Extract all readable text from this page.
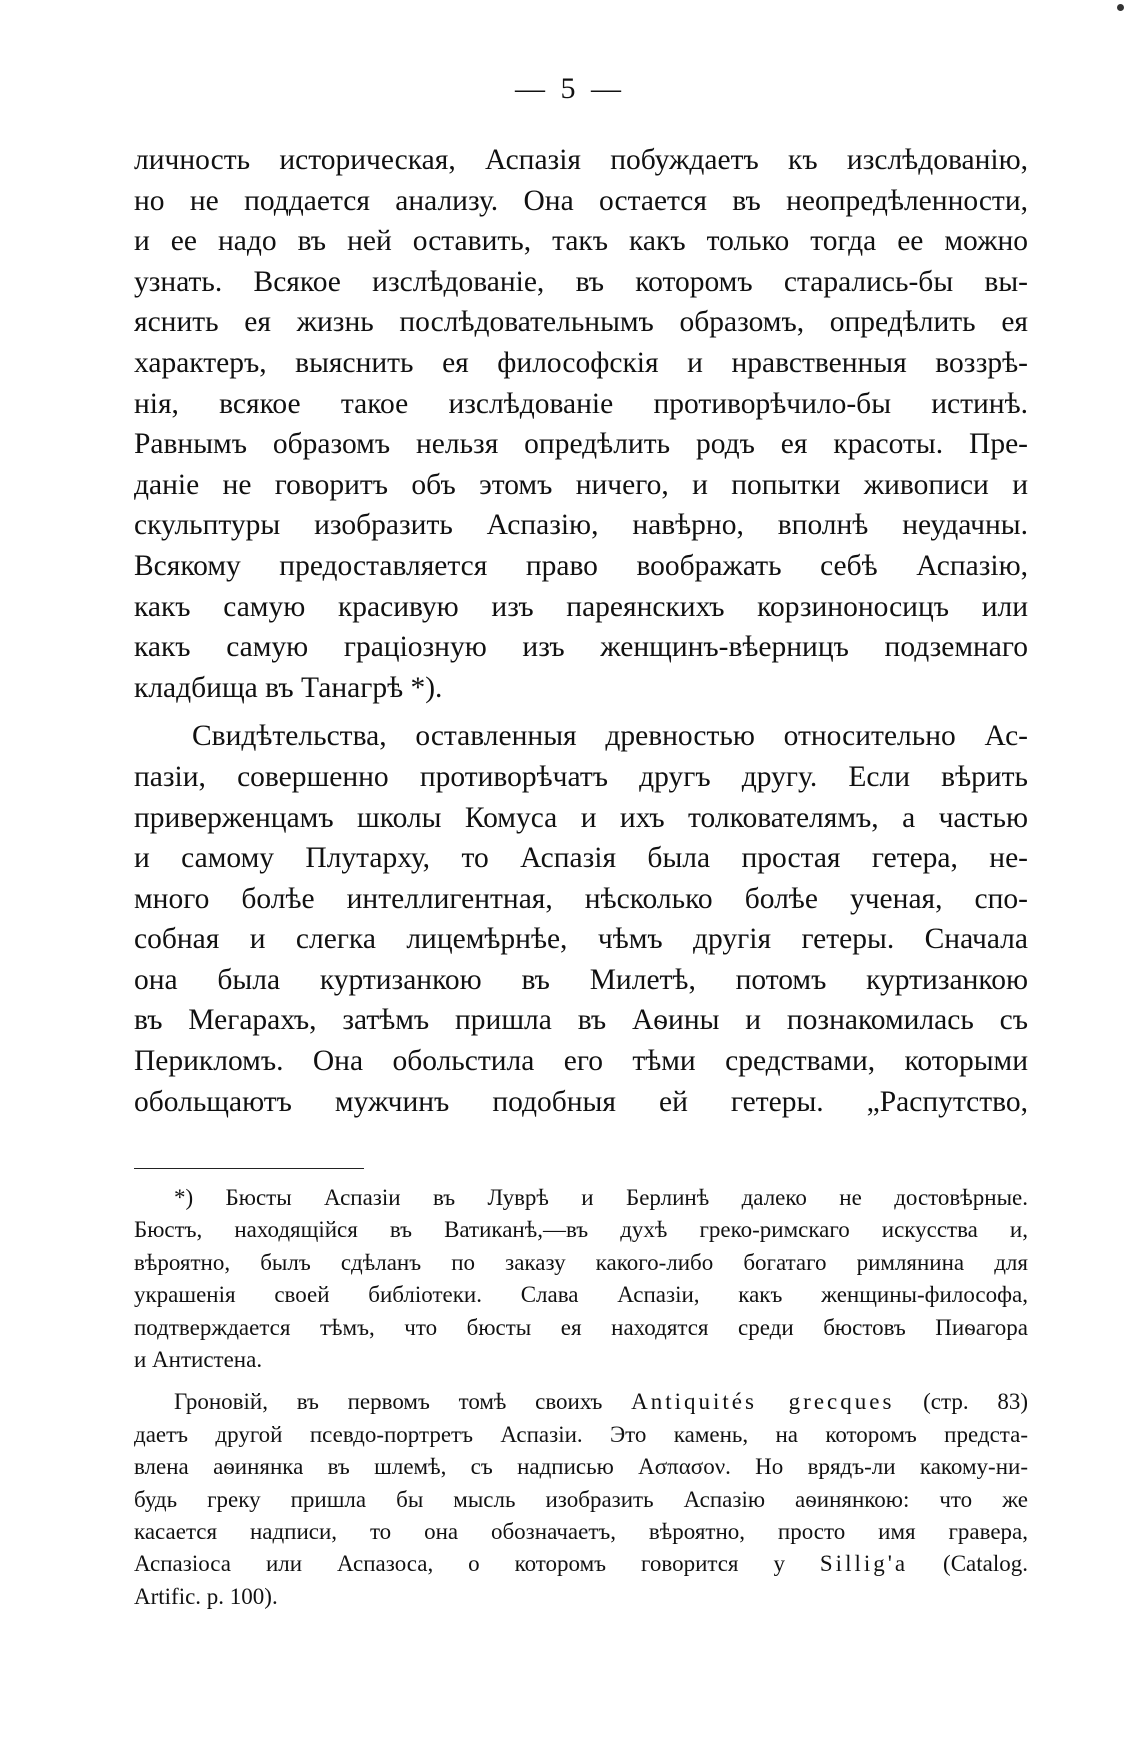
— 5 —
личность историческая, Аспазія побуждаетъ къ изслѣдованію,
но не поддается анализу. Она остается въ неопредѣленности,
и ее надо въ ней оставить, такъ какъ только тогда ее можно
узнать. Всякое изслѣдованіе, въ которомъ старались-бы вы-
яснить ея жизнь послѣдовательнымъ образомъ, опредѣлить ея
характеръ, выяснить ея философскія и нравственныя воззрѣ-
нія, всякое такое изслѣдованіе противорѣчило-бы истинѣ.
Равнымъ образомъ нельзя опредѣлить родъ ея красоты. Пре-
даніе не говоритъ объ этомъ ничего, и попытки живописи и
скульптуры изобразить Аспазію, навѣрно, вполнѣ неудачны.
Всякому предоставляется право воображать себѣ Аспазію,
какъ самую красивую изъ пареянскихъ корзиноносицъ или
какъ самую граціозную изъ женщинъ-вѣерницъ подземнаго
кладбища въ Танагрѣ *).
Свидѣтельства, оставленныя древностью относительно Ас-
пазіи, совершенно противорѣчатъ другъ другу. Если вѣрить
приверженцамъ школы Комуса и ихъ толкователямъ, а частью
и самому Плутарху, то Аспазія была простая гетера, не-
много болѣе интеллигентная, нѣсколько болѣе ученая, спо-
собная и слегка лицемѣрнѣе, чѣмъ другія гетеры. Сначала
она была куртизанкою въ Милетѣ, потомъ куртизанкою
въ Мегарахъ, затѣмъ пришла въ Аѳины и познакомилась съ
Перикломъ. Она обольстила его тѣми средствами, которыми
обольщаютъ мужчинъ подобныя ей гетеры. „Распутство,
*) Бюсты Аспазіи въ Луврѣ и Берлинѣ далеко не достовѣрные.
Бюстъ, находящійся въ Ватиканѣ,—въ духѣ греко-римскаго искусства и,
вѣроятно, былъ сдѣланъ по заказу какого-либо богатаго римлянина для
украшенія своей библіотеки. Слава Аспазіи, какъ женщины-философа,
подтверждается тѣмъ, что бюсты ея находятся среди бюстовъ Пиѳагора
и Антистена.
Гроновій, въ первомъ томѣ своихъ Antiquités grecques (стр. 83)
даетъ другой псевдо-портретъ Аспазіи. Это камень, на которомъ предста-
влена аѳинянка въ шлемѣ, съ надписью Ασπασον. Но врядъ-ли какому-ни-
будь греку пришла бы мысль изобразить Аспазію аѳинянкою: что же
касается надписи, то она обозначаетъ, вѣроятно, просто имя гравера,
Аспазіоса или Аспазоса, о которомъ говорится у Sillig'a (Catalog.
Artific. p. 100).
